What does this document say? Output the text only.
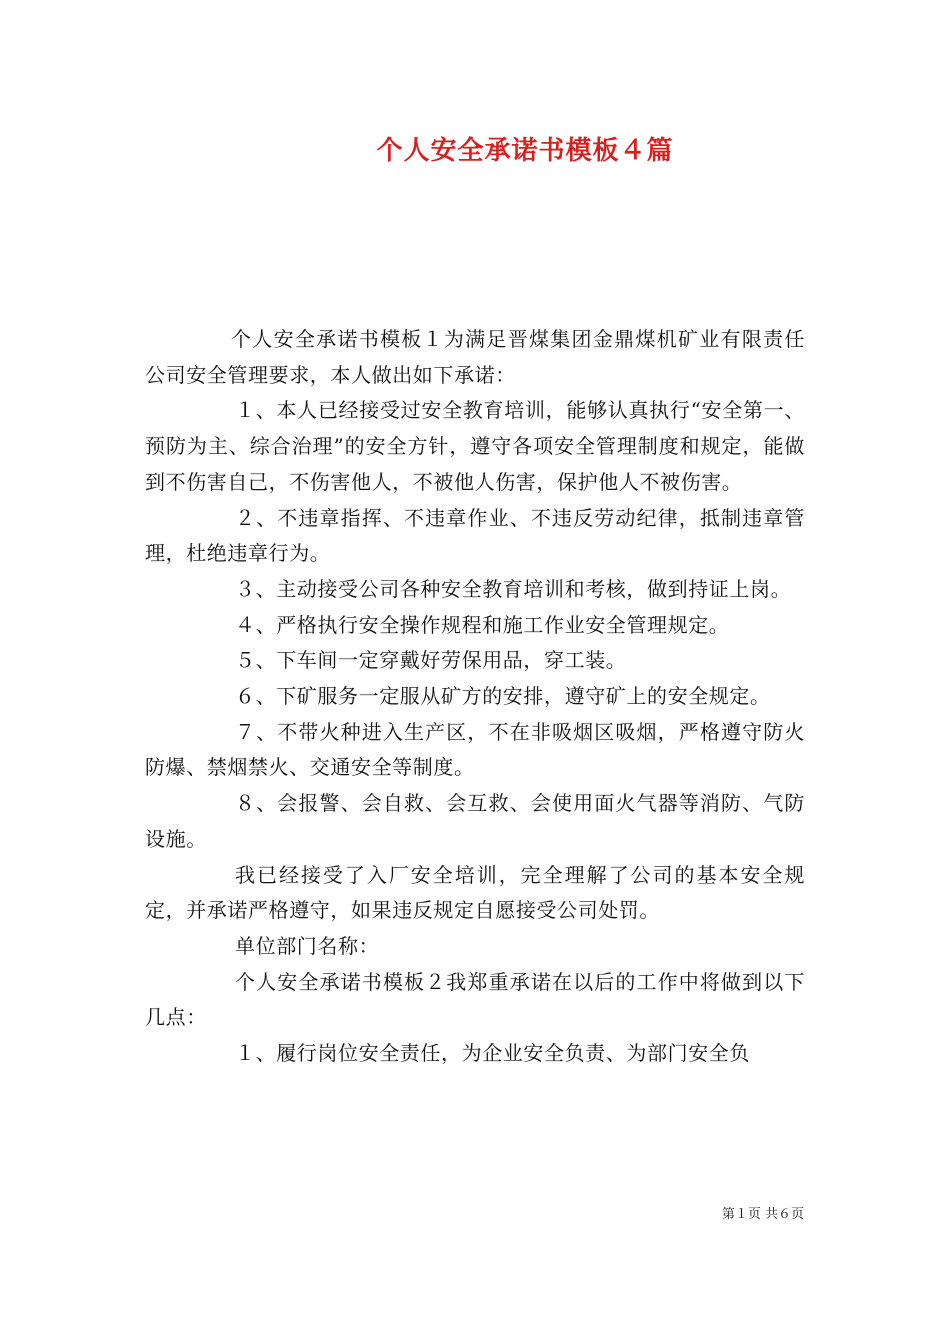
个人安全承诺书模板４篇

个人安全承诺书模板１为满足晋煤集团金鼎煤机矿业有限责任公司安全管理要求，本人做出如下承诺：

１、本人已经接受过安全教育培训，能够认真执行“安全第一、预防为主、综合治理”的安全方针，遵守各项安全管理制度和规定，能做到不伤害自己，不伤害他人，不被他人伤害，保护他人不被伤害。

２、不违章指挥、不违章作业、不违反劳动纪律，抵制违章管理，杜绝违章行为。

３、主动接受公司各种安全教育培训和考核，做到持证上岗。

４、严格执行安全操作规程和施工作业安全管理规定。

５、下车间一定穿戴好劳保用品，穿工装。

６、下矿服务一定服从矿方的安排，遵守矿上的安全规定。

７、不带火种进入生产区，不在非吸烟区吸烟，严格遵守防火防爆、禁烟禁火、交通安全等制度。

８、会报警、会自救、会互救、会使用面火气器等消防、气防设施。

我已经接受了入厂安全培训，完全理解了公司的基本安全规定，并承诺严格遵守，如果违反规定自愿接受公司处罚。

单位部门名称：

个人安全承诺书模板２我郑重承诺在以后的工作中将做到以下几点：

１、履行岗位安全责任，为企业安全负责、为部门安全负

第１页 共６页
